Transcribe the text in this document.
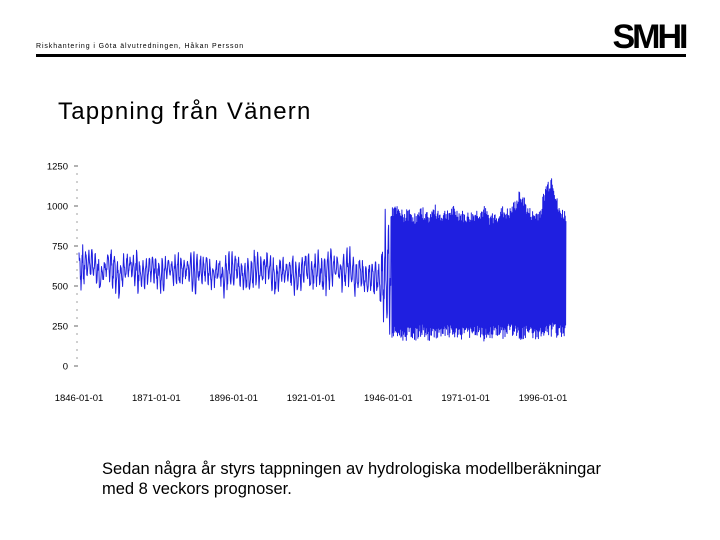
Riskhantering i Göta älvutredningen, Håkan Persson	SMHI
Tappning från Vänern
0
250
500
750
1000
1250
1846-01-01	1871-01-01	1896-01-01	1921-01-01	1946-01-01	1971-01-01	1996-01-01
Sedan några år styrs tappningen av hydrologiska modellberäkningar
med 8 veckors prognoser.
